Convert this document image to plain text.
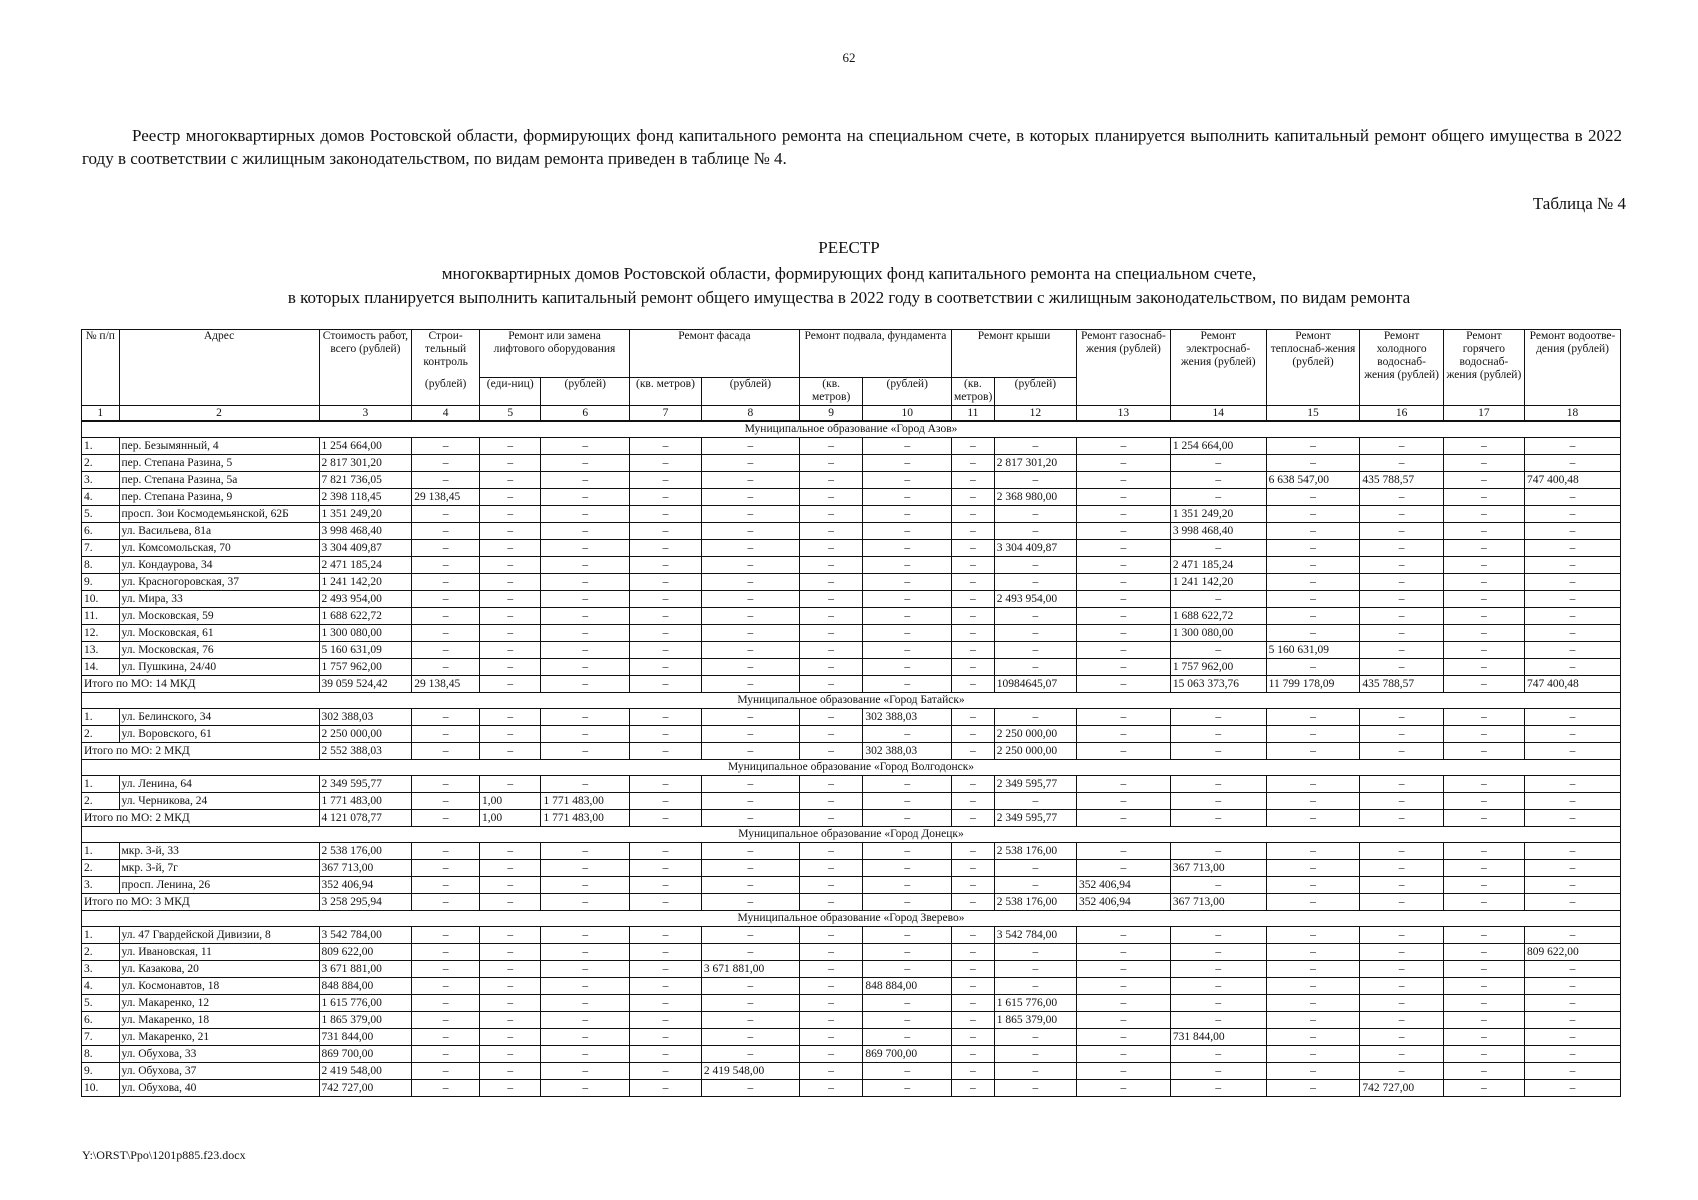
62
Реестр многоквартирных домов Ростовской области, формирующих фонд капитального ремонта на специальном счете, в которых планируется выполнить капитальный ремонт общего имущества в 2022 году в соответствии с жилищным законодательством, по видам ремонта приведен в таблице № 4.
Таблица № 4
РЕЕСТР
многоквартирных домов Ростовской области, формирующих фонд капитального ремонта на специальном счете,
в которых планируется выполнить капитальный ремонт общего имущества в 2022 году в соответствии с жилищным законодательством, по видам ремонта
№ п/п	Адрес	Стоимость работ, всего (рублей)	Строи-тельный контроль	Ремонт или замена лифтового оборудования		Ремонт фасада		Ремонт подвала, фундамента		Ремонт крыши		Ремонт газоснаб-жения (рублей)	Ремонт электроснаб-жения (рублей)	Ремонт теплоснаб-жения (рублей)	Ремонт холодного водоснаб-жения (рублей)	Ремонт горячего водоснаб-жения (рублей)	Ремонт водоотве-дения (рублей)
			(рублей)	(еди-ниц)	(рублей)	(кв. метров)	(рублей)	(кв. метров)	(рублей)	(кв. метров)	(рублей)						
1	2	3	4	5	6	7	8	9	10	11	12	13	14	15	16	17	18
Муниципальное образование «Город Азов»																	
1.	пер. Безымянный, 4	1 254 664,00	–	–	–	–	–	–	–	–	–	–	1 254 664,00	–	–	–	–
2.	пер. Степана Разина, 5	2 817 301,20	–	–	–	–	–	–	–	–	2 817 301,20	–	–	–	–	–	–
3.	пер. Степана Разина, 5а	7 821 736,05	–	–	–	–	–	–	–	–	–	–	–	6 638 547,00	435 788,57	–	747 400,48
4.	пер. Степана Разина, 9	2 398 118,45	29 138,45	–	–	–	–	–	–	–	2 368 980,00	–	–	–	–	–	–
5.	просп. Зои Космодемьянской, 62Б	1 351 249,20	–	–	–	–	–	–	–	–	–	–	1 351 249,20	–	–	–	–
6.	ул. Васильева, 81а	3 998 468,40	–	–	–	–	–	–	–	–	–	–	3 998 468,40	–	–	–	–
7.	ул. Комсомольская, 70	3 304 409,87	–	–	–	–	–	–	–	–	3 304 409,87	–	–	–	–	–	–
8.	ул. Кондаурова, 34	2 471 185,24	–	–	–	–	–	–	–	–	–	–	2 471 185,24	–	–	–	–
9.	ул. Красногоровская, 37	1 241 142,20	–	–	–	–	–	–	–	–	–	–	1 241 142,20	–	–	–	–
10.	ул. Мира, 33	2 493 954,00	–	–	–	–	–	–	–	–	2 493 954,00	–	–	–	–	–	–
11.	ул. Московская, 59	1 688 622,72	–	–	–	–	–	–	–	–	–	–	1 688 622,72	–	–	–	–
12.	ул. Московская, 61	1 300 080,00	–	–	–	–	–	–	–	–	–	–	1 300 080,00	–	–	–	–
13.	ул. Московская, 76	5 160 631,09	–	–	–	–	–	–	–	–	–	–	–	5 160 631,09	–	–	–
14.	ул. Пушкина, 24/40	1 757 962,00	–	–	–	–	–	–	–	–	–	–	1 757 962,00	–	–	–	–
Итого по МО: 14 МКД		39 059 524,42	29 138,45	–	–	–	–	–	–	–	10984645,07	–	15 063 373,76	11 799 178,09	435 788,57	–	747 400,48
Муниципальное образование «Город Батайск»																	
1.	ул. Белинского, 34	302 388,03	–	–	–	–	–	–	302 388,03	–	–	–	–	–	–	–	–
2.	ул. Воровского, 61	2 250 000,00	–	–	–	–	–	–	–	–	2 250 000,00	–	–	–	–	–	–
Итого по МО: 2 МКД		2 552 388,03	–	–	–	–	–	–	302 388,03	–	2 250 000,00	–	–	–	–	–	–
Муниципальное образование «Город Волгодонск»																	
1.	ул. Ленина, 64	2 349 595,77	–	–	–	–	–	–	–	–	2 349 595,77	–	–	–	–	–	–
2.	ул. Черникова, 24	1 771 483,00	–	1,00	1 771 483,00	–	–	–	–	–	–	–	–	–	–	–	–
Итого по МО: 2 МКД		4 121 078,77	–	1,00	1 771 483,00	–	–	–	–	–	2 349 595,77	–	–	–	–	–	–
Муниципальное образование «Город Донецк»																	
1.	мкр. 3-й, 33	2 538 176,00	–	–	–	–	–	–	–	–	2 538 176,00	–	–	–	–	–	–
2.	мкр. 3-й, 7г	367 713,00	–	–	–	–	–	–	–	–	–	–	367 713,00	–	–	–	–
3.	просп. Ленина, 26	352 406,94	–	–	–	–	–	–	–	–	–	352 406,94	–	–	–	–	–
Итого по МО: 3 МКД		3 258 295,94	–	–	–	–	–	–	–	–	2 538 176,00	352 406,94	367 713,00	–	–	–	–
Муниципальное образование «Город Зверево»																	
1.	ул. 47 Гвардейской Дивизии, 8	3 542 784,00	–	–	–	–	–	–	–	–	3 542 784,00	–	–	–	–	–	–
2.	ул. Ивановская, 11	809 622,00	–	–	–	–	–	–	–	–	–	–	–	–	–	–	809 622,00
3.	ул. Казакова, 20	3 671 881,00	–	–	–	–	3 671 881,00	–	–	–	–	–	–	–	–	–	–
4.	ул. Космонавтов, 18	848 884,00	–	–	–	–	–	–	848 884,00	–	–	–	–	–	–	–	–
5.	ул. Макаренко, 12	1 615 776,00	–	–	–	–	–	–	–	–	1 615 776,00	–	–	–	–	–	–
6.	ул. Макаренко, 18	1 865 379,00	–	–	–	–	–	–	–	–	1 865 379,00	–	–	–	–	–	–
7.	ул. Макаренко, 21	731 844,00	–	–	–	–	–	–	–	–	–	–	731 844,00	–	–	–	–
8.	ул. Обухова, 33	869 700,00	–	–	–	–	–	–	869 700,00	–	–	–	–	–	–	–	–
9.	ул. Обухова, 37	2 419 548,00	–	–	–	–	2 419 548,00	–	–	–	–	–	–	–	–	–	–
10.	ул. Обухова, 40	742 727,00	–	–	–	–	–	–	–	–	–	–	–	–	742 727,00	–	–
Y:\ORST\Ppo\1201p885.f23.docx
